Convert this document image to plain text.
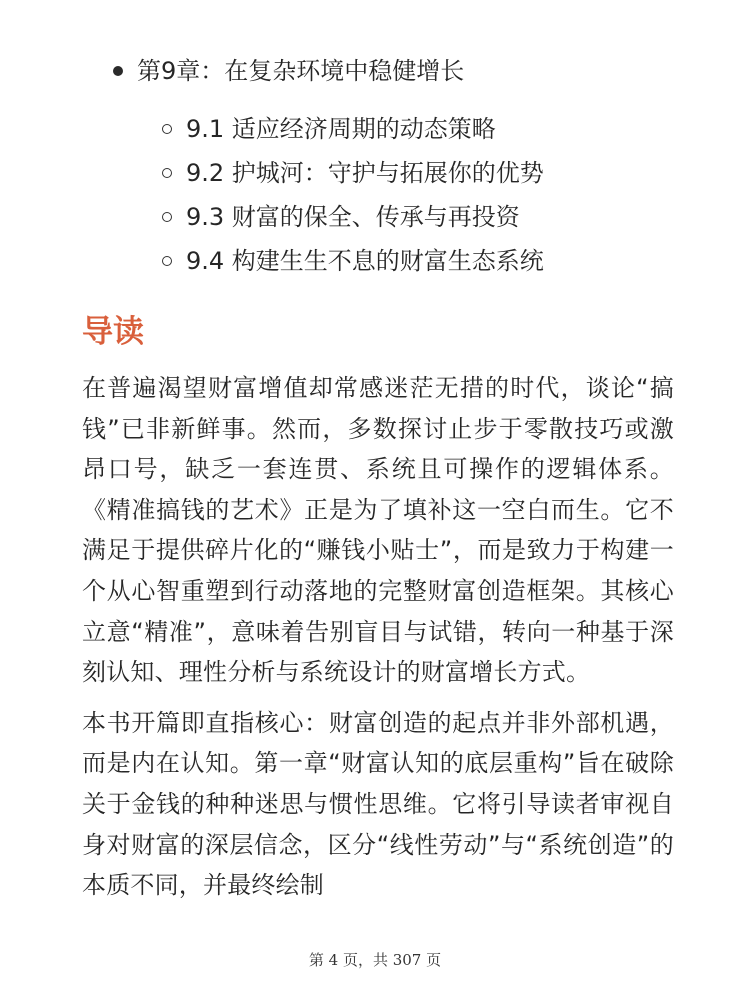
第9章：在复杂环境中稳健增长
9.1 适应经济周期的动态策略
9.2 护城河：守护与拓展你的优势
9.3 财富的保全、传承与再投资
9.4 构建生生不息的财富生态系统
导读

在普遍渴望财富增值却常感迷茫无措的时代，谈论“搞钱”已非新鲜事。然而，多数探讨止步于零散技巧或激昂口号，缺乏一套连贯、系统且可操作的逻辑体系。《精准搞钱的艺术》正是为了填补这一空白而生。它不满足于提供碎片化的“赚钱小贴士”，而是致力于构建一个从心智重塑到行动落地的完整财富创造框架。其核心立意“精准”，意味着告别盲目与试错，转向一种基于深刻认知、理性分析与系统设计的财富增长方式。

本书开篇即直指核心：财富创造的起点并非外部机遇，而是内在认知。第一章“财富认知的底层重构”旨在破除关于金钱的种种迷思与惯性思维。它将引导读者审视自身对财富的深层信念，区分“线性劳动”与“系统创造”的本质不同，并最终绘制

第 4 页，共 307 页
